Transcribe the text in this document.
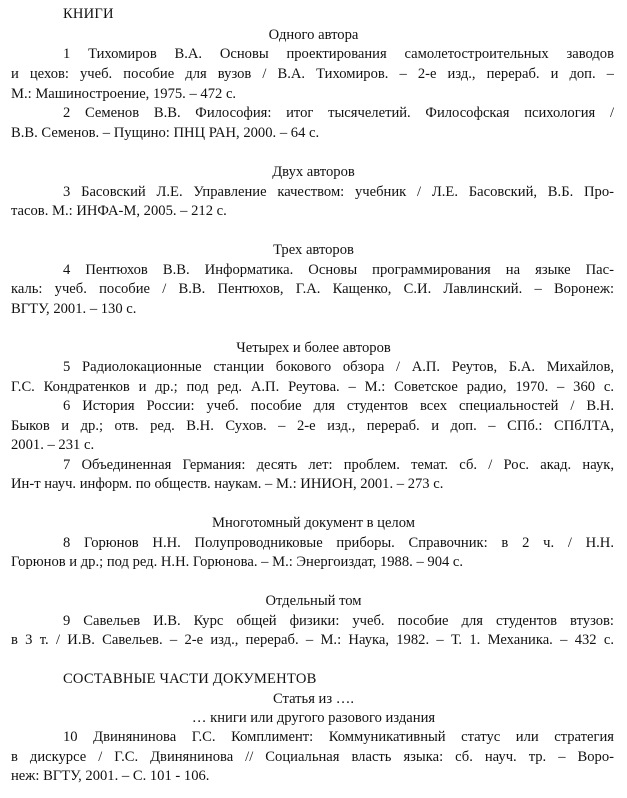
КНИГИ
Одного автора
1 Тихомиров В.А. Основы проектирования самолетостроительных заводов
и цехов: учеб. пособие для вузов / В.А. Тихомиров. – 2-е изд., перераб. и доп. –
М.: Машиностроение, 1975. – 472 с.
2 Семенов В.В. Философия: итог тысячелетий. Философская психология /
В.В. Семенов. – Пущино: ПНЦ РАН, 2000. – 64 с.
Двух авторов
3 Басовский Л.Е. Управление качеством: учебник / Л.Е. Басовский, В.Б. Про-
тасов. М.: ИНФА-М, 2005. – 212 с.
Трех авторов
4 Пентюхов В.В. Информатика. Основы программирования на языке Пас-
каль: учеб. пособие / В.В. Пентюхов, Г.А. Кащенко, С.И. Лавлинский. – Воронеж:
ВГТУ, 2001. – 130 с.
Четырех и более авторов
5 Радиолокационные станции бокового обзора / А.П. Реутов, Б.А. Михайлов,
Г.С. Кондратенков и др.; под ред. А.П. Реутова. – М.: Советское радио, 1970. – 360 с.
6 История России: учеб. пособие для студентов всех специальностей / В.Н.
Быков и др.; отв. ред. В.Н. Сухов. – 2-е изд., перераб. и доп. – СПб.: СПбЛТА,
2001. – 231 с.
7 Объединенная Германия: десять лет: проблем. темат. сб. / Рос. акад. наук,
Ин-т науч. информ. по обществ. наукам. – М.: ИНИОН, 2001. – 273 с.
Многотомный документ в целом
8 Горюнов Н.Н. Полупроводниковые приборы. Справочник: в 2 ч. / Н.Н.
Горюнов и др.; под ред. Н.Н. Горюнова. – М.: Энергоиздат, 1988. – 904 с.
Отдельный том
9 Савельев И.В. Курс общей физики: учеб. пособие для студентов втузов:
в 3 т. / И.В. Савельев. – 2-е изд., перераб. – М.: Наука, 1982. – Т. 1. Механика. – 432 с.
СОСТАВНЫЕ ЧАСТИ ДОКУМЕНТОВ
Статья из ….
… книги или другого разового издания
10 Двинянинова Г.С. Комплимент: Коммуникативный статус или стратегия
в дискурсе / Г.С. Двинянинова // Социальная власть языка: сб. науч. тр. – Воро-
неж: ВГТУ, 2001. – С. 101 - 106.
